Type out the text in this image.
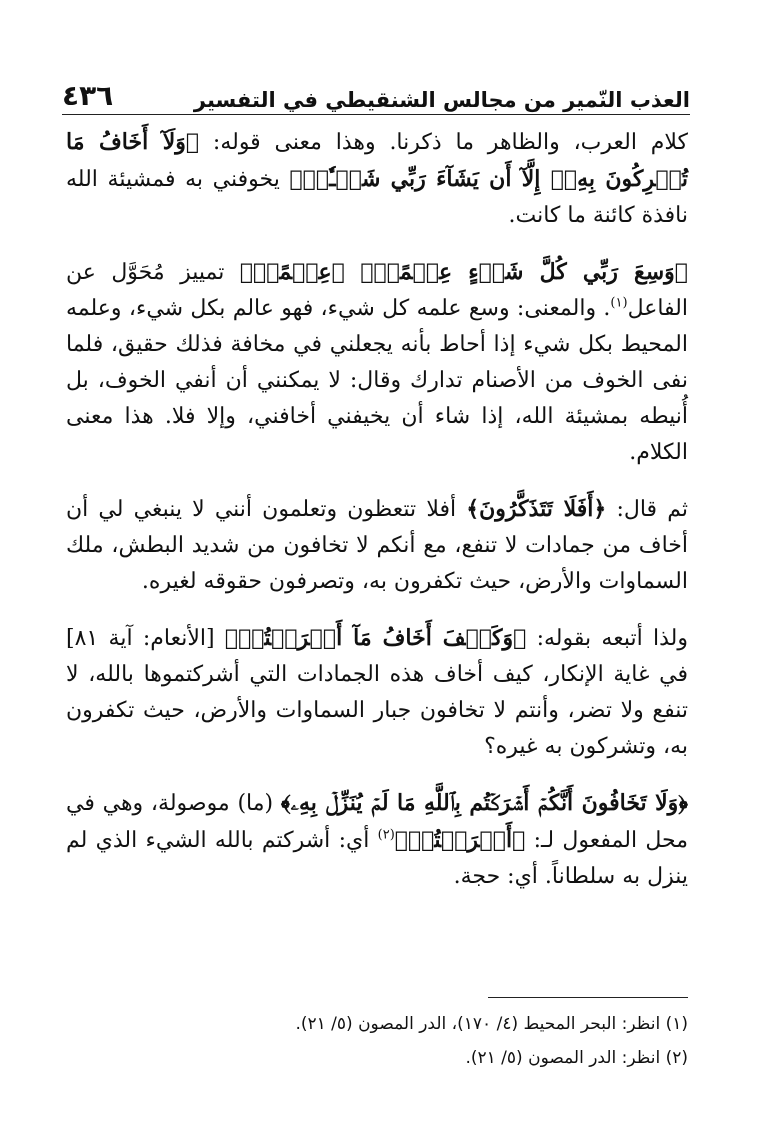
٤٣٦	العذب النّمير من مجالس الشنقيطي في التفسير

كلام العرب، والظاهر ما ذكرنا. وهذا معنى قوله: ﴿وَلَآ أَخَافُ مَا تُشۡرِكُونَ بِهِۦٓ إِلَّآ أَن يَشَآءَ رَبِّي شَيۡـٔٗاۚ﴾ يخوفني به فمشيئة الله نافذة كائنة ما كانت.

﴿وَسِعَ رَبِّي كُلَّ شَيۡءٍ عِلۡمًاۚ﴾ ﴿عِلۡمًاۚ﴾ تمييز مُحَوَّل عن الفاعل$^{(١)}$. والمعنى: وسع علمه كل شيء، فهو عالم بكل شيء، وعلمه المحيط بكل شيء إذا أحاط بأنه يجعلني في مخافة فذلك حقيق، فلما نفى الخوف من الأصنام تدارك وقال: لا يمكنني أن أنفي الخوف، بل أُنيطه بمشيئة الله، إذا شاء أن يخيفني أخافني، وإلا فلا. هذا معنى الكلام.

ثم قال: ﴿أَفَلَا تَتَذَكَّرُونَ﴾ أفلا تتعظون وتعلمون أنني لا ينبغي لي أن أخاف من جمادات لا تنفع، مع أنكم لا تخافون من شديد البطش، ملك السماوات والأرض، حيث تكفرون به، وتصرفون حقوقه لغيره.

ولذا أتبعه بقوله: ﴿وَكَيۡفَ أَخَافُ مَآ أَشۡرَكۡتُمۡ﴾ [الأنعام: آية ٨١] في غاية الإنكار، كيف أخاف هذه الجمادات التي أشركتموها بالله، لا تنفع ولا تضر، وأنتم لا تخافون جبار السماوات والأرض، حيث تكفرون به، وتشركون به غيره؟

﴿وَلَا تَخَافُونَ أَنَّكُمۡ أَشۡرَكۡتُم بِٱللَّهِ مَا لَمۡ يُنَزِّلۡ بِهِۦ﴾ (ما) موصولة، وهي في محل المفعول لـ: ﴿أَشۡرَكۡتُمۡ﴾$^{(٢)}$ أي: أشركتم بالله الشيء الذي لم ينزل به سلطاناً. أي: حجة.

(١) انظر: البحر المحيط (٤/ ١٧٠)، الدر المصون (٥/ ٢١).

(٢) انظر: الدر المصون (٥/ ٢١).
